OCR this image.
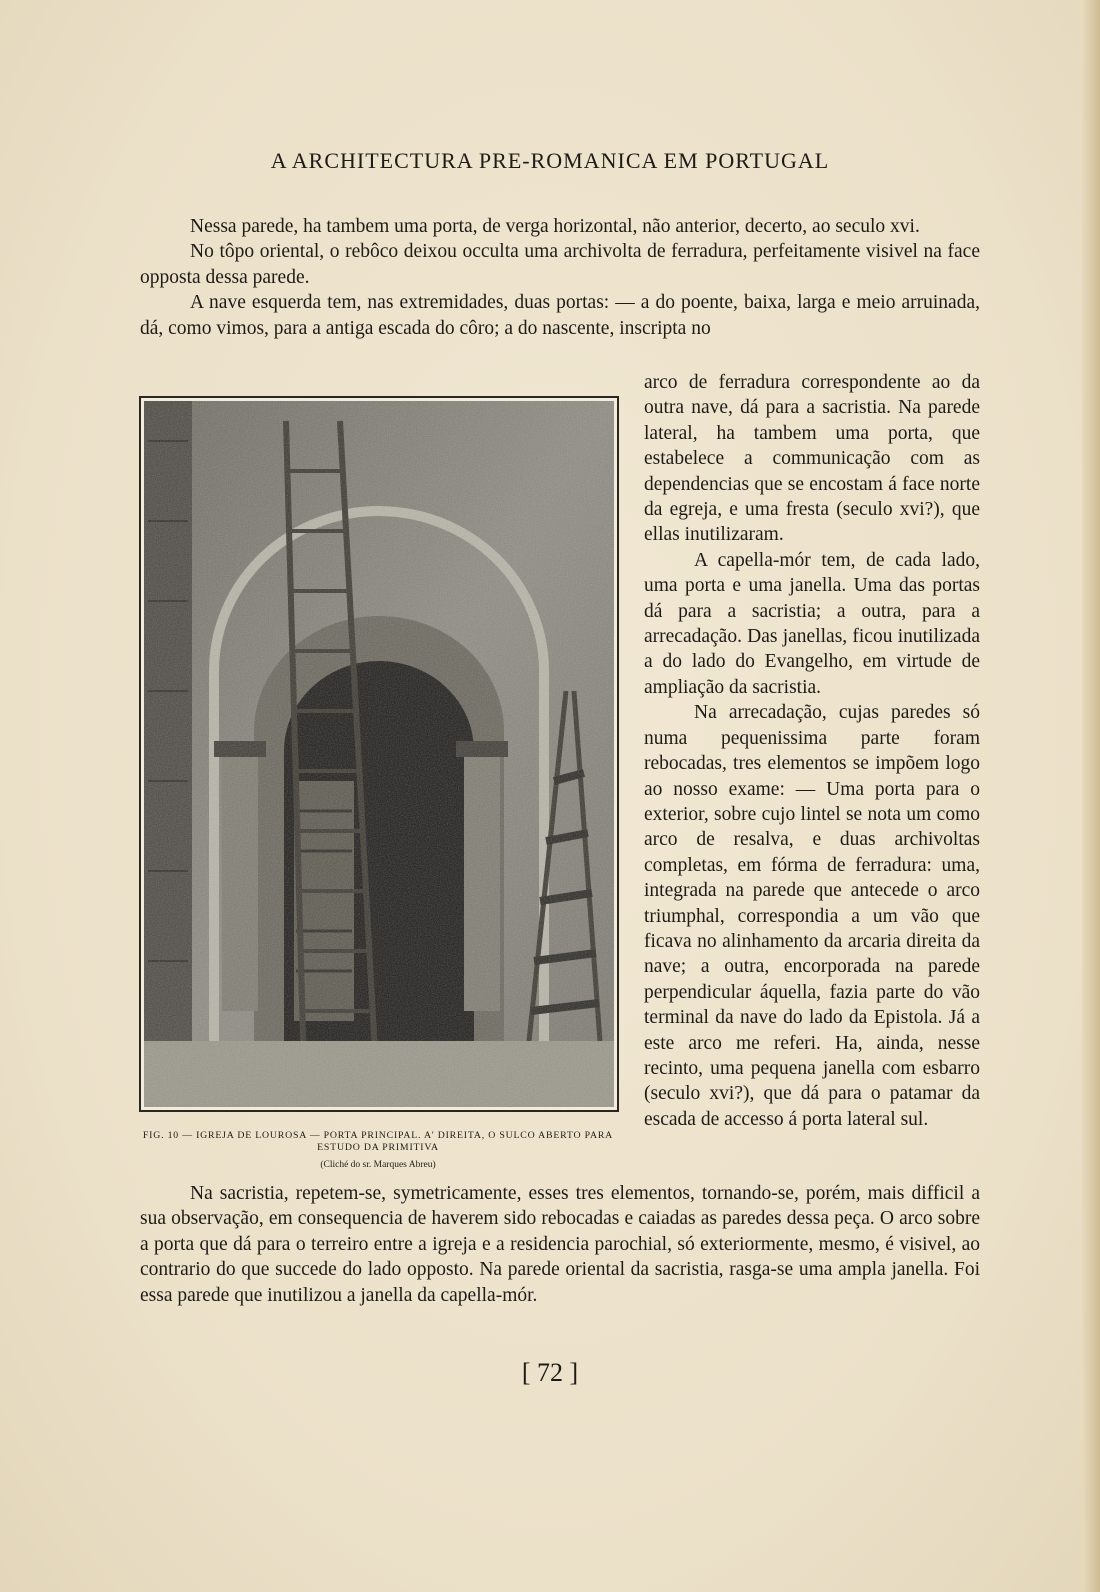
A ARCHITECTURA PRE-ROMANICA EM PORTUGAL

Nessa parede, ha tambem uma porta, de verga horizontal, não anterior, decerto, ao seculo xvi.

No tôpo oriental, o rebôco deixou occulta uma archivolta de ferradura, perfeitamente visivel na face opposta dessa parede.

A nave esquerda tem, nas extremidades, duas portas: — a do poente, baixa, larga e meio arruinada, dá, como vimos, para a antiga escada do côro; a do nascente, inscripta no

FIG. 10 — IGREJA DE LOUROSA — PORTA PRINCIPAL. A' DIREITA, O SULCO ABERTO PARA ESTUDO DA PRIMITIVA
(Cliché do sr. Marques Abreu)

arco de ferradura correspondente ao da outra nave, dá para a sacristia. Na parede lateral, ha tambem uma porta, que estabelece a communicação com as dependencias que se encostam á face norte da egreja, e uma fresta (seculo xvi?), que ellas inutilizaram.

A capella-mór tem, de cada lado, uma porta e uma janella. Uma das portas dá para a sacristia; a outra, para a arrecadação. Das janellas, ficou inutilizada a do lado do Evangelho, em virtude de ampliação da sacristia.

Na arrecadação, cujas paredes só numa pequenissima parte foram rebocadas, tres elementos se impõem logo ao nosso exame: — Uma porta para o exterior, sobre cujo lintel se nota um como arco de resalva, e duas archivoltas completas, em fórma de ferradura: uma, integrada na parede que antecede o arco triumphal, correspondia a um vão que ficava no alinhamento da arcaria direita da nave; a outra, encorporada na parede perpendicular áquella, fazia parte do vão terminal da nave do lado da Epistola. Já a este arco me referi. Ha, ainda, nesse recinto, uma pequena janella com esbarro (seculo xvi?), que dá para o patamar da escada de accesso á porta lateral sul.

Na sacristia, repetem-se, symetricamente, esses tres elementos, tornando-se, porém, mais difficil a sua observação, em consequencia de haverem sido rebocadas e caiadas as paredes dessa peça. O arco sobre a porta que dá para o terreiro entre a igreja e a residencia parochial, só exteriormente, mesmo, é visivel, ao contrario do que succede do lado opposto. Na parede oriental da sacristia, rasga-se uma ampla janella. Foi essa parede que inutilizou a janella da capella-mór.

[ 72 ]
